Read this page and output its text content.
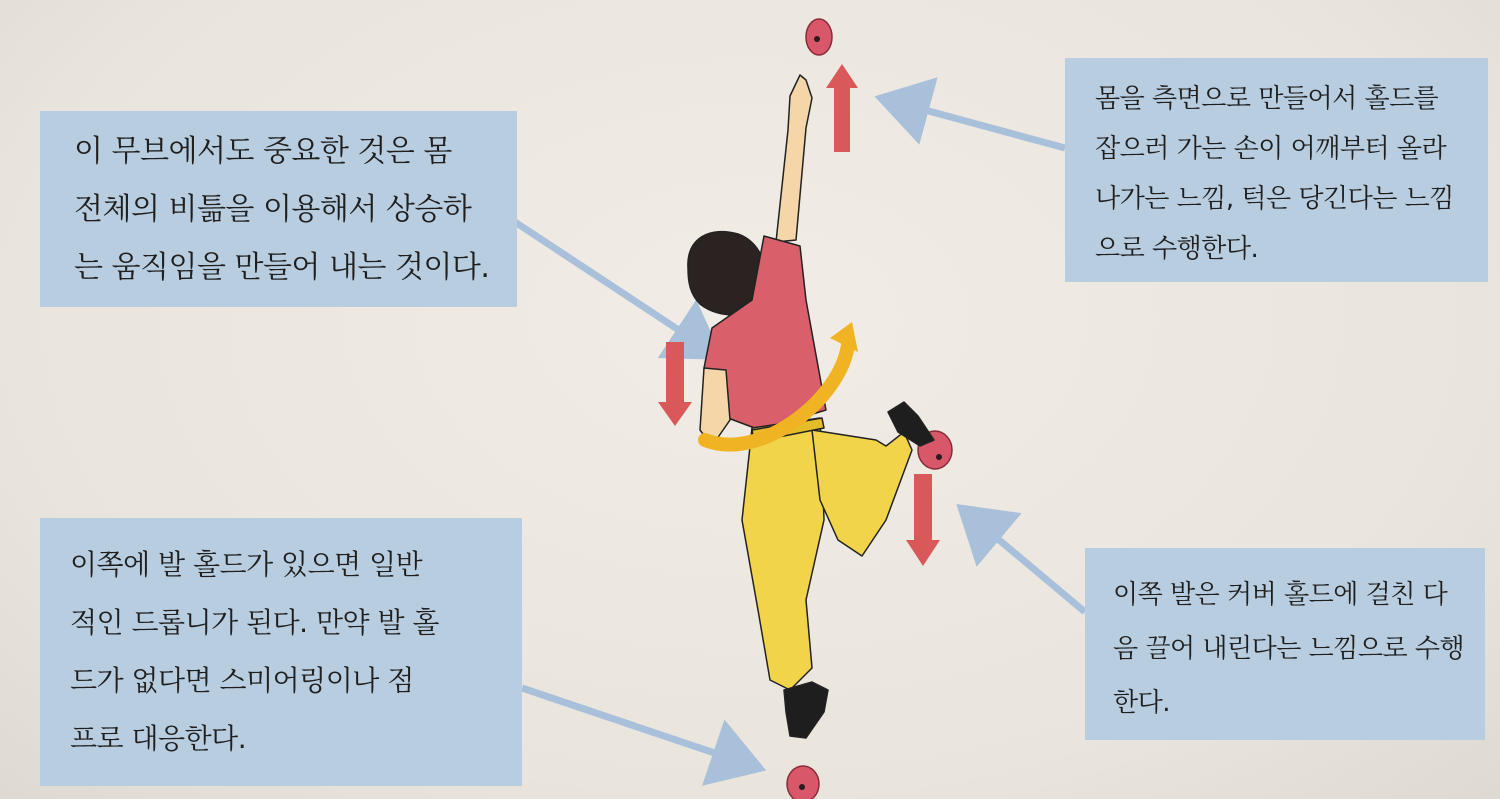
이 무브에서도 중요한 것은 몸
전체의 비틂을 이용해서 상승하
는 움직임을 만들어 내는 것이다.
몸을 측면으로 만들어서 홀드를
잡으러 가는 손이 어깨부터 올라
나가는 느낌, 턱은 당긴다는 느낌
으로 수행한다.
이쪽에 발 홀드가 있으면 일반
적인 드롭니가 된다. 만약 발 홀
드가 없다면 스미어링이나 점
프로 대응한다.
이쪽 발은 커버 홀드에 걸친 다
음 끌어 내린다는 느낌으로 수행
한다.
